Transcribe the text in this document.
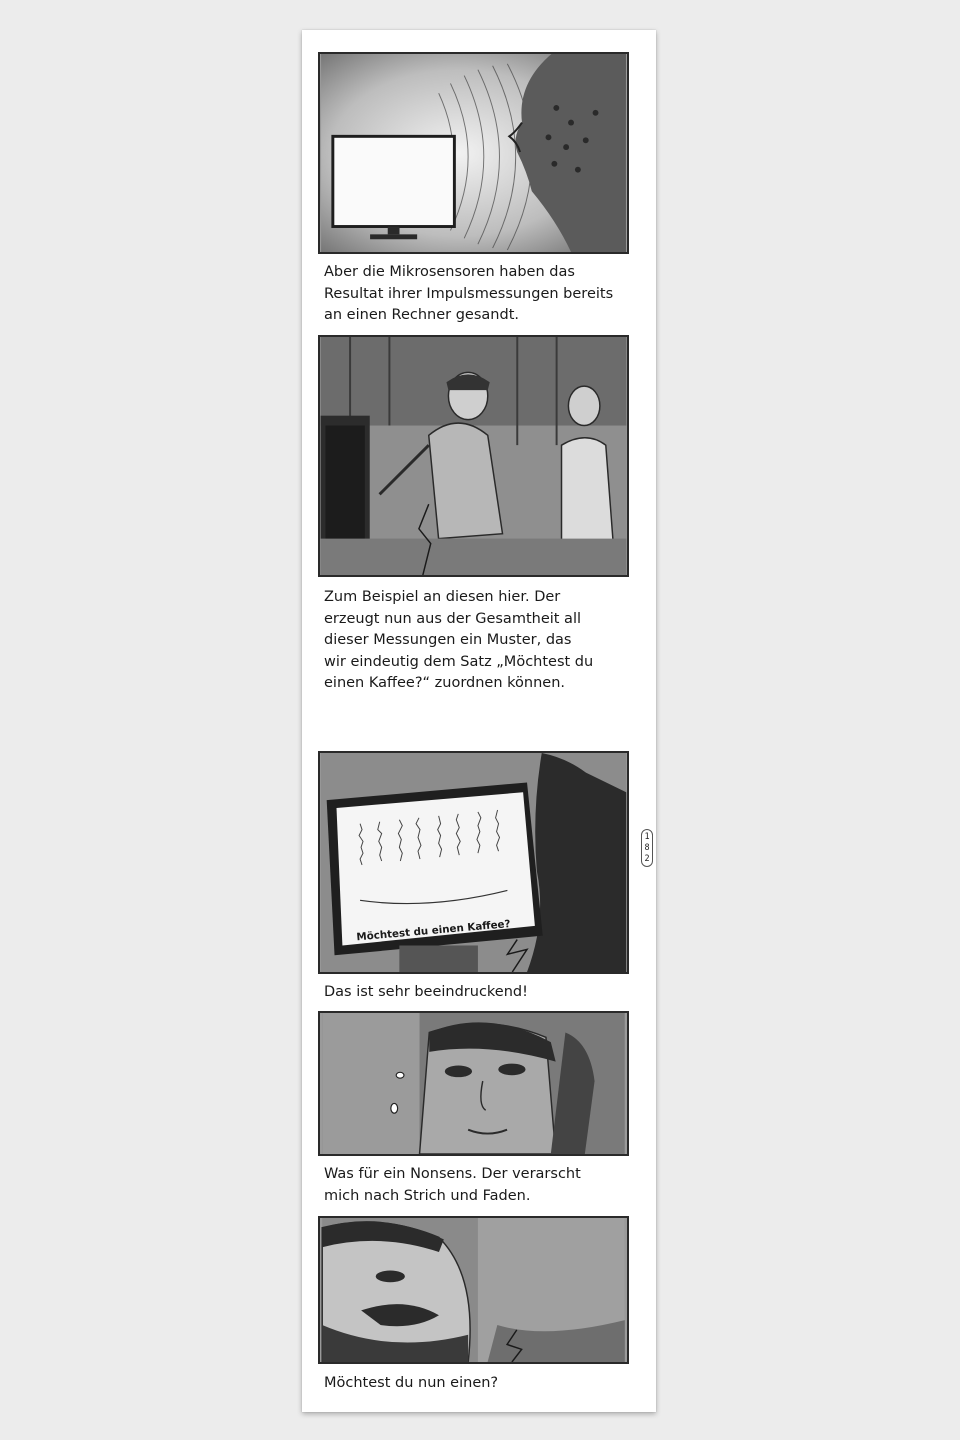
Aber die Mikrosensoren haben das
Resultat ihrer Impulsmessungen bereits
an einen Rechner gesandt.

Zum Beispiel an diesen hier. Der
erzeugt nun aus der Gesamtheit all
dieser Messungen ein Muster, das
wir eindeutig dem Satz „Möchtest du
einen Kaffee?“ zuordnen können.

Möchtest du einen Kaffee?

Das ist sehr beeindruckend!

Was für ein Nonsens. Der verarscht
mich nach Strich und Faden.

Möchtest du nun einen?

1
8
2
